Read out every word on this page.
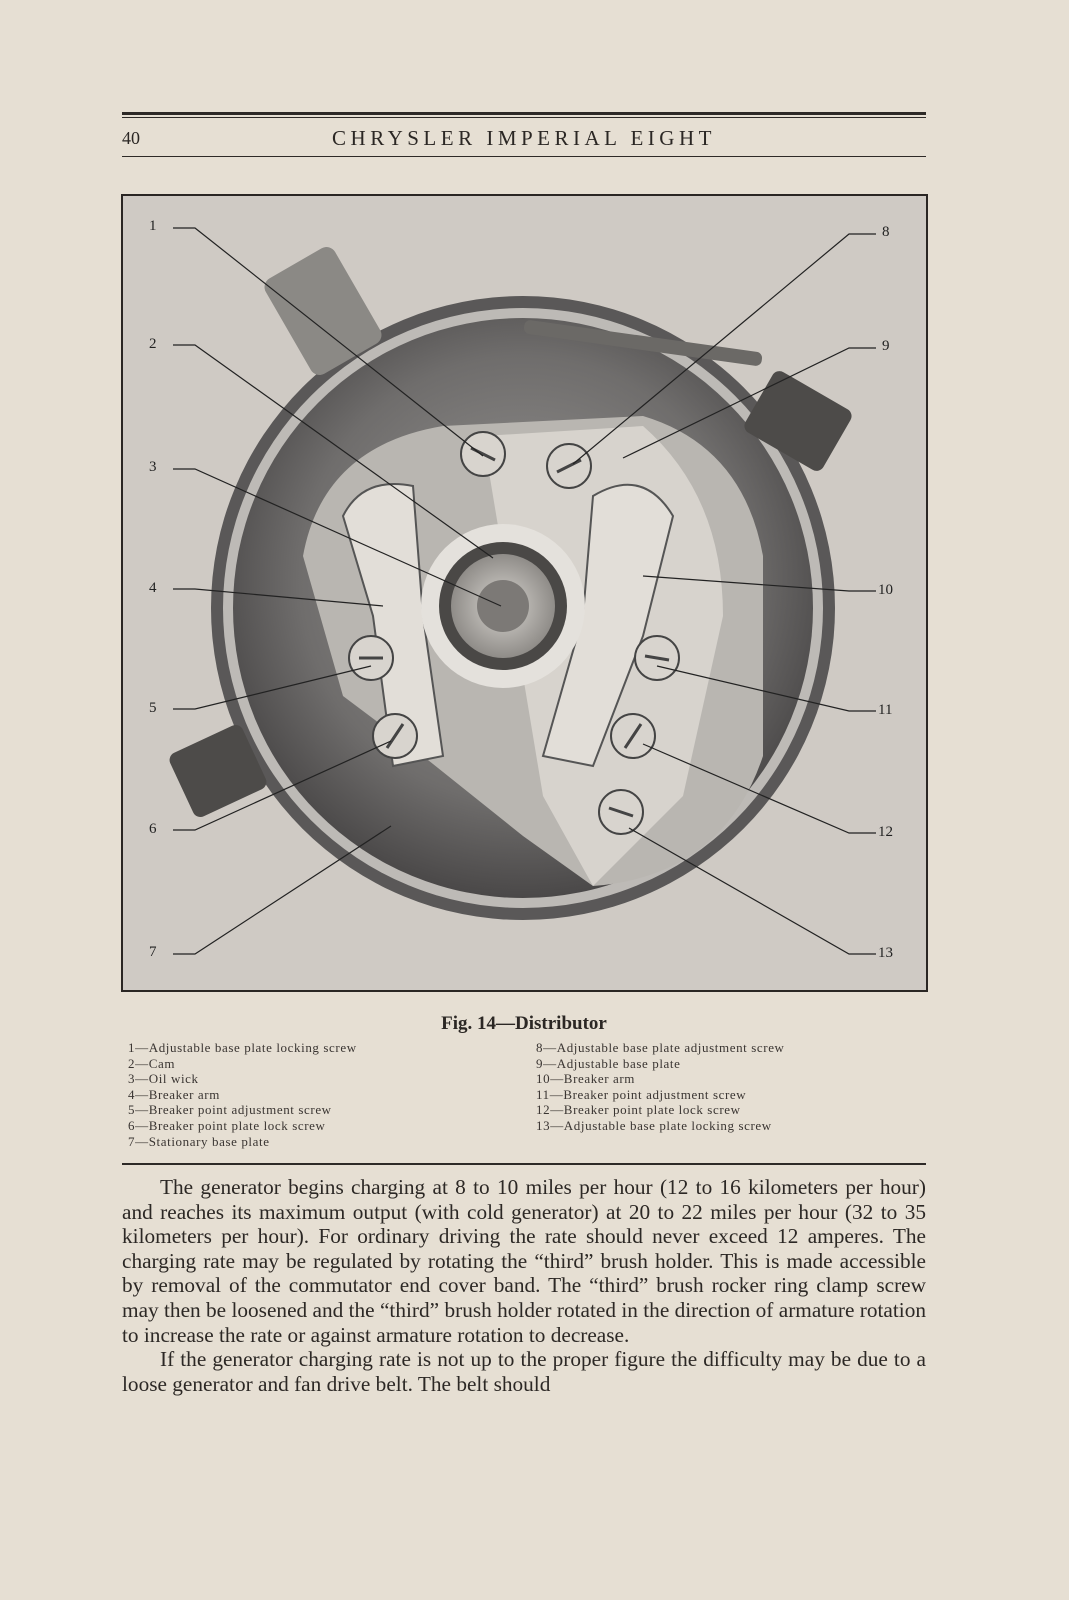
40	CHRYSLER IMPERIAL EIGHT
1
2
3
4
5
6
7
8
9
10
11
12
13
Fig. 14—Distributor
1—Adjustable base plate locking screw
2—Cam
3—Oil wick
4—Breaker arm
5—Breaker point adjustment screw
6—Breaker point plate lock screw
7—Stationary base plate
8—Adjustable base plate adjustment screw
9—Adjustable base plate
10—Breaker arm
11—Breaker point adjustment screw
12—Breaker point plate lock screw
13—Adjustable base plate locking screw

The generator begins charging at 8 to 10 miles per hour (12 to 16 kilometers per hour) and reaches its maximum output (with cold generator) at 20 to 22 miles per hour (32 to 35 kilometers per hour). For ordinary driving the rate should never exceed 12 amperes. The charging rate may be regulated by rotating the “third” brush holder. This is made accessible by removal of the commutator end cover band. The “third” brush rocker ring clamp screw may then be loosened and the “third” brush holder rotated in the direction of armature rotation to increase the rate or against armature rotation to decrease.

If the generator charging rate is not up to the proper figure the difficulty may be due to a loose generator and fan drive belt. The belt should
